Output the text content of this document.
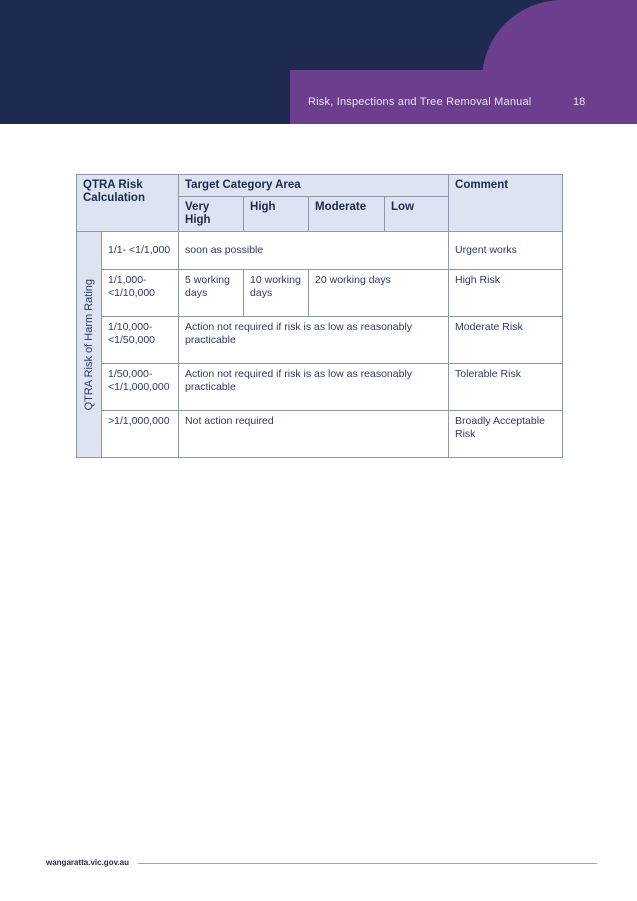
Risk, Inspections and Tree Removal Manual	18
QTRA Risk Calculation		Target Category Area				Comment
		Very High	High	Moderate	Low	

QTRA Risk of Harm Rating	1/1- <1/1,000	soon as possible				Urgent works
	1/1,000- <1/10,000	5 working days	10 working days	20 working days		High Risk
	1/10,000- <1/50,000	Action not required if risk is as low as reasonably practicable				Moderate Risk
	1/50,000- <1/1,000,000	Action not required if risk is as low as reasonably practicable				Tolerable Risk
	>1/1,000,000	Not action required				Broadly Acceptable Risk
wangaratta.vic.gov.au
